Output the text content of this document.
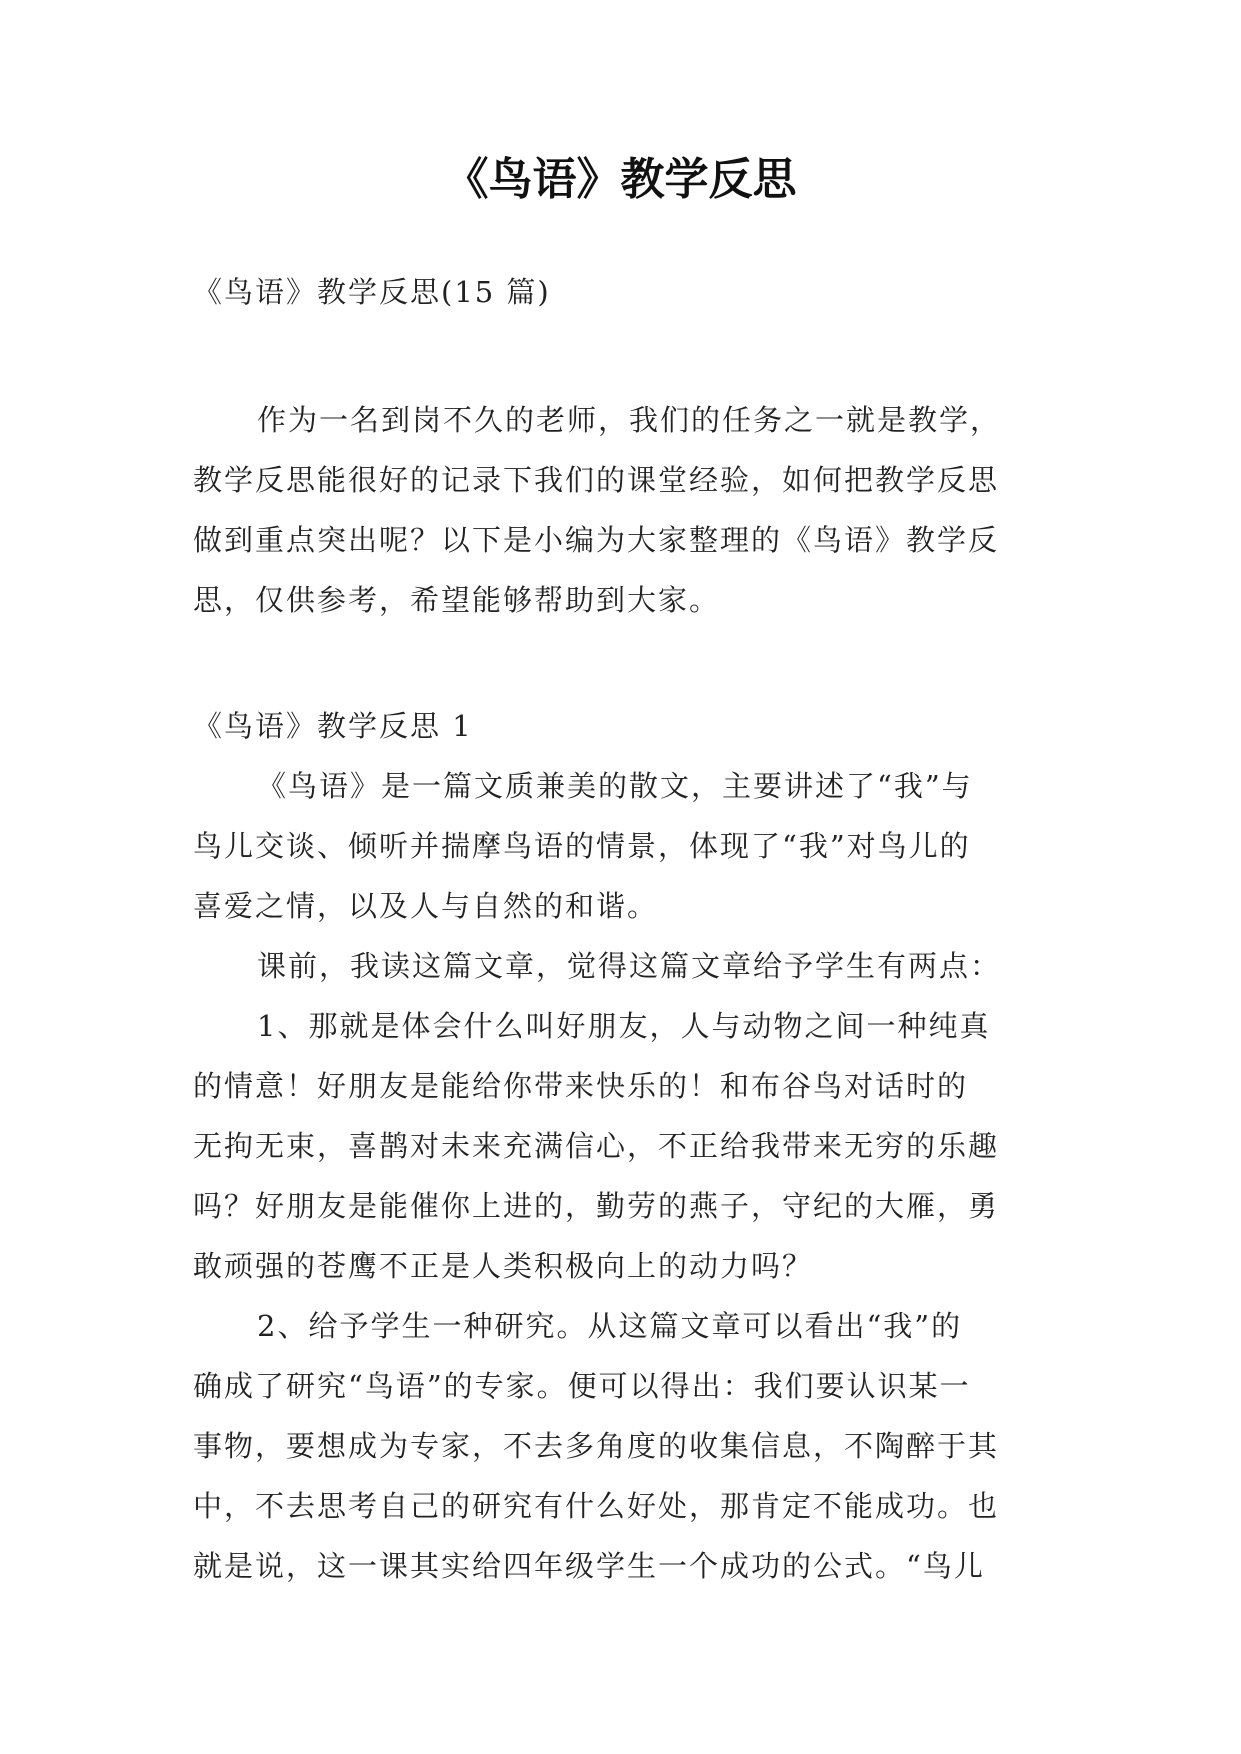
《鸟语》教学反思
《鸟语》教学反思(15 篇)
作为一名到岗不久的老师，我们的任务之一就是教学，
教学反思能很好的记录下我们的课堂经验，如何把教学反思
做到重点突出呢？以下是小编为大家整理的《鸟语》教学反
思，仅供参考，希望能够帮助到大家。
《鸟语》教学反思 1
《鸟语》是一篇文质兼美的散文，主要讲述了“我”与
鸟儿交谈、倾听并揣摩鸟语的情景，体现了“我”对鸟儿的
喜爱之情，以及人与自然的和谐。
课前，我读这篇文章，觉得这篇文章给予学生有两点：
1、那就是体会什么叫好朋友，人与动物之间一种纯真
的情意！好朋友是能给你带来快乐的！和布谷鸟对话时的
无拘无束，喜鹊对未来充满信心，不正给我带来无穷的乐趣
吗？好朋友是能催你上进的，勤劳的燕子，守纪的大雁，勇
敢顽强的苍鹰不正是人类积极向上的动力吗？
2、给予学生一种研究。从这篇文章可以看出“我”的
确成了研究“鸟语”的专家。便可以得出：我们要认识某一
事物，要想成为专家，不去多角度的收集信息，不陶醉于其
中，不去思考自己的研究有什么好处，那肯定不能成功。也
就是说，这一课其实给四年级学生一个成功的公式。“鸟儿
